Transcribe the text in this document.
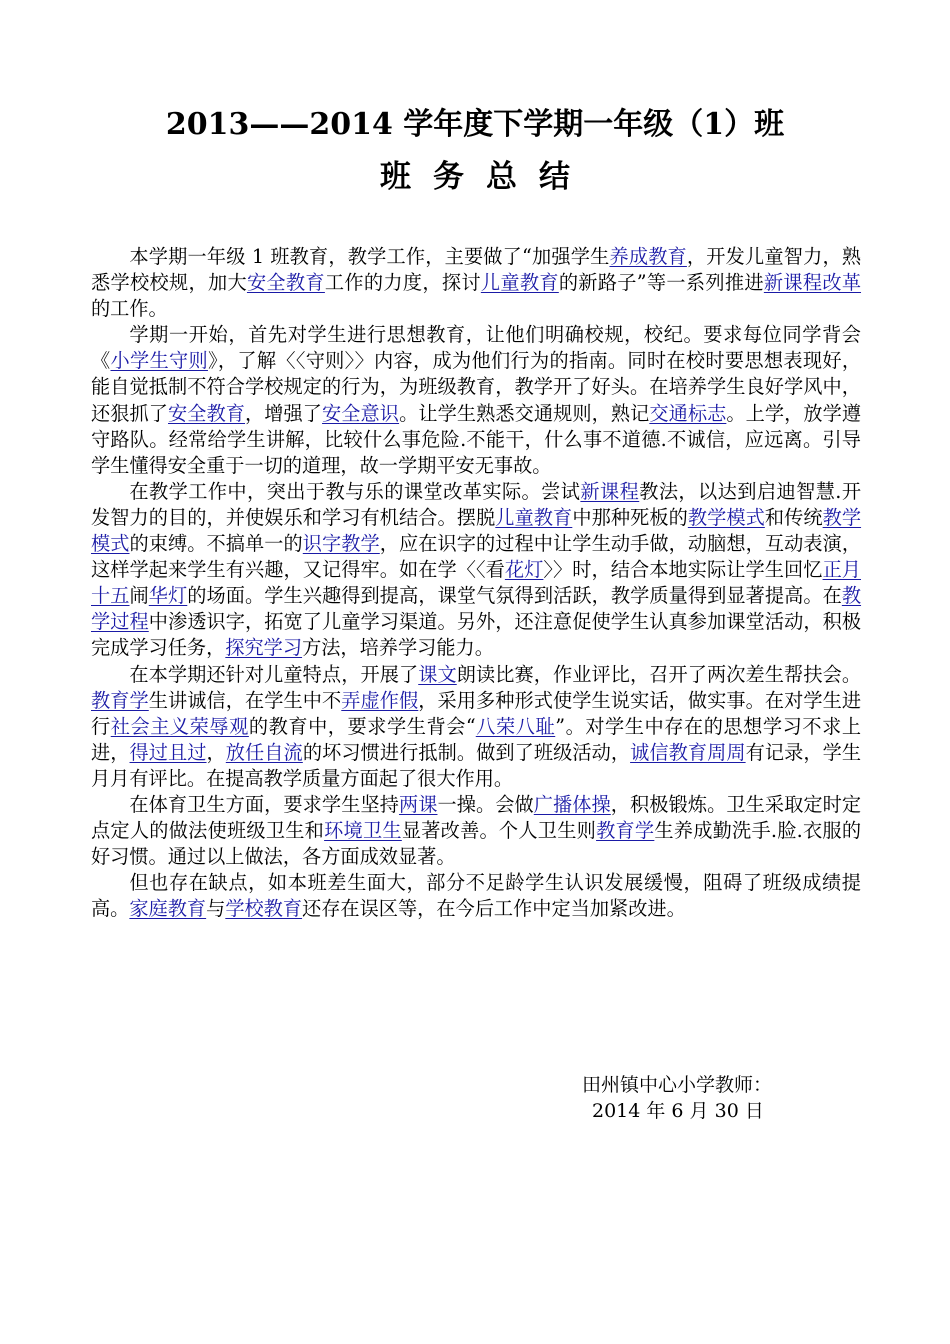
2013——2014 学年度下学期一年级（1）班
班务总结

本学期一年级 1 班教育，教学工作，主要做了“加强学生养成教育，开发儿童智力，熟悉学校校规，加大安全教育工作的力度，探讨儿童教育的新路子”等一系列推进新课程改革的工作。

学期一开始，首先对学生进行思想教育，让他们明确校规，校纪。要求每位同学背会《小学生守则》，了解〈〈守则〉〉内容，成为他们行为的指南。同时在校时要思想表现好，能自觉抵制不符合学校规定的行为，为班级教育，教学开了好头。在培养学生良好学风中，还狠抓了安全教育，增强了安全意识。让学生熟悉交通规则，熟记交通标志。上学，放学遵守路队。经常给学生讲解，比较什么事危险.不能干，什么事不道德.不诚信，应远离。引导学生懂得安全重于一切的道理，故一学期平安无事故。

在教学工作中，突出于教与乐的课堂改革实际。尝试新课程教法，以达到启迪智慧.开发智力的目的，并使娱乐和学习有机结合。摆脱儿童教育中那种死板的教学模式和传统教学模式的束缚。不搞单一的识字教学，应在识字的过程中让学生动手做，动脑想，互动表演，这样学起来学生有兴趣，又记得牢。如在学〈〈看花灯〉〉时，结合本地实际让学生回忆正月十五闹华灯的场面。学生兴趣得到提高，课堂气氛得到活跃，教学质量得到显著提高。在教学过程中渗透识字，拓宽了儿童学习渠道。另外，还注意促使学生认真参加课堂活动，积极完成学习任务，探究学习方法，培养学习能力。

在本学期还针对儿童特点，开展了课文朗读比赛，作业评比，召开了两次差生帮扶会。教育学生讲诚信，在学生中不弄虚作假，采用多种形式使学生说实话，做实事。在对学生进行社会主义荣辱观的教育中，要求学生背会“八荣八耻”。对学生中存在的思想学习不求上进，得过且过，放任自流的坏习惯进行抵制。做到了班级活动，诚信教育周周有记录，学生月月有评比。在提高教学质量方面起了很大作用。

在体育卫生方面，要求学生坚持两课一操。会做广播体操，积极锻炼。卫生采取定时定点定人的做法使班级卫生和环境卫生显著改善。个人卫生则教育学生养成勤洗手.脸.衣服的好习惯。通过以上做法，各方面成效显著。

但也存在缺点，如本班差生面大，部分不足龄学生认识发展缓慢，阻碍了班级成绩提高。家庭教育与学校教育还存在误区等，在今后工作中定当加紧改进。

田州镇中心小学教师：
2014 年 6 月 30 日
